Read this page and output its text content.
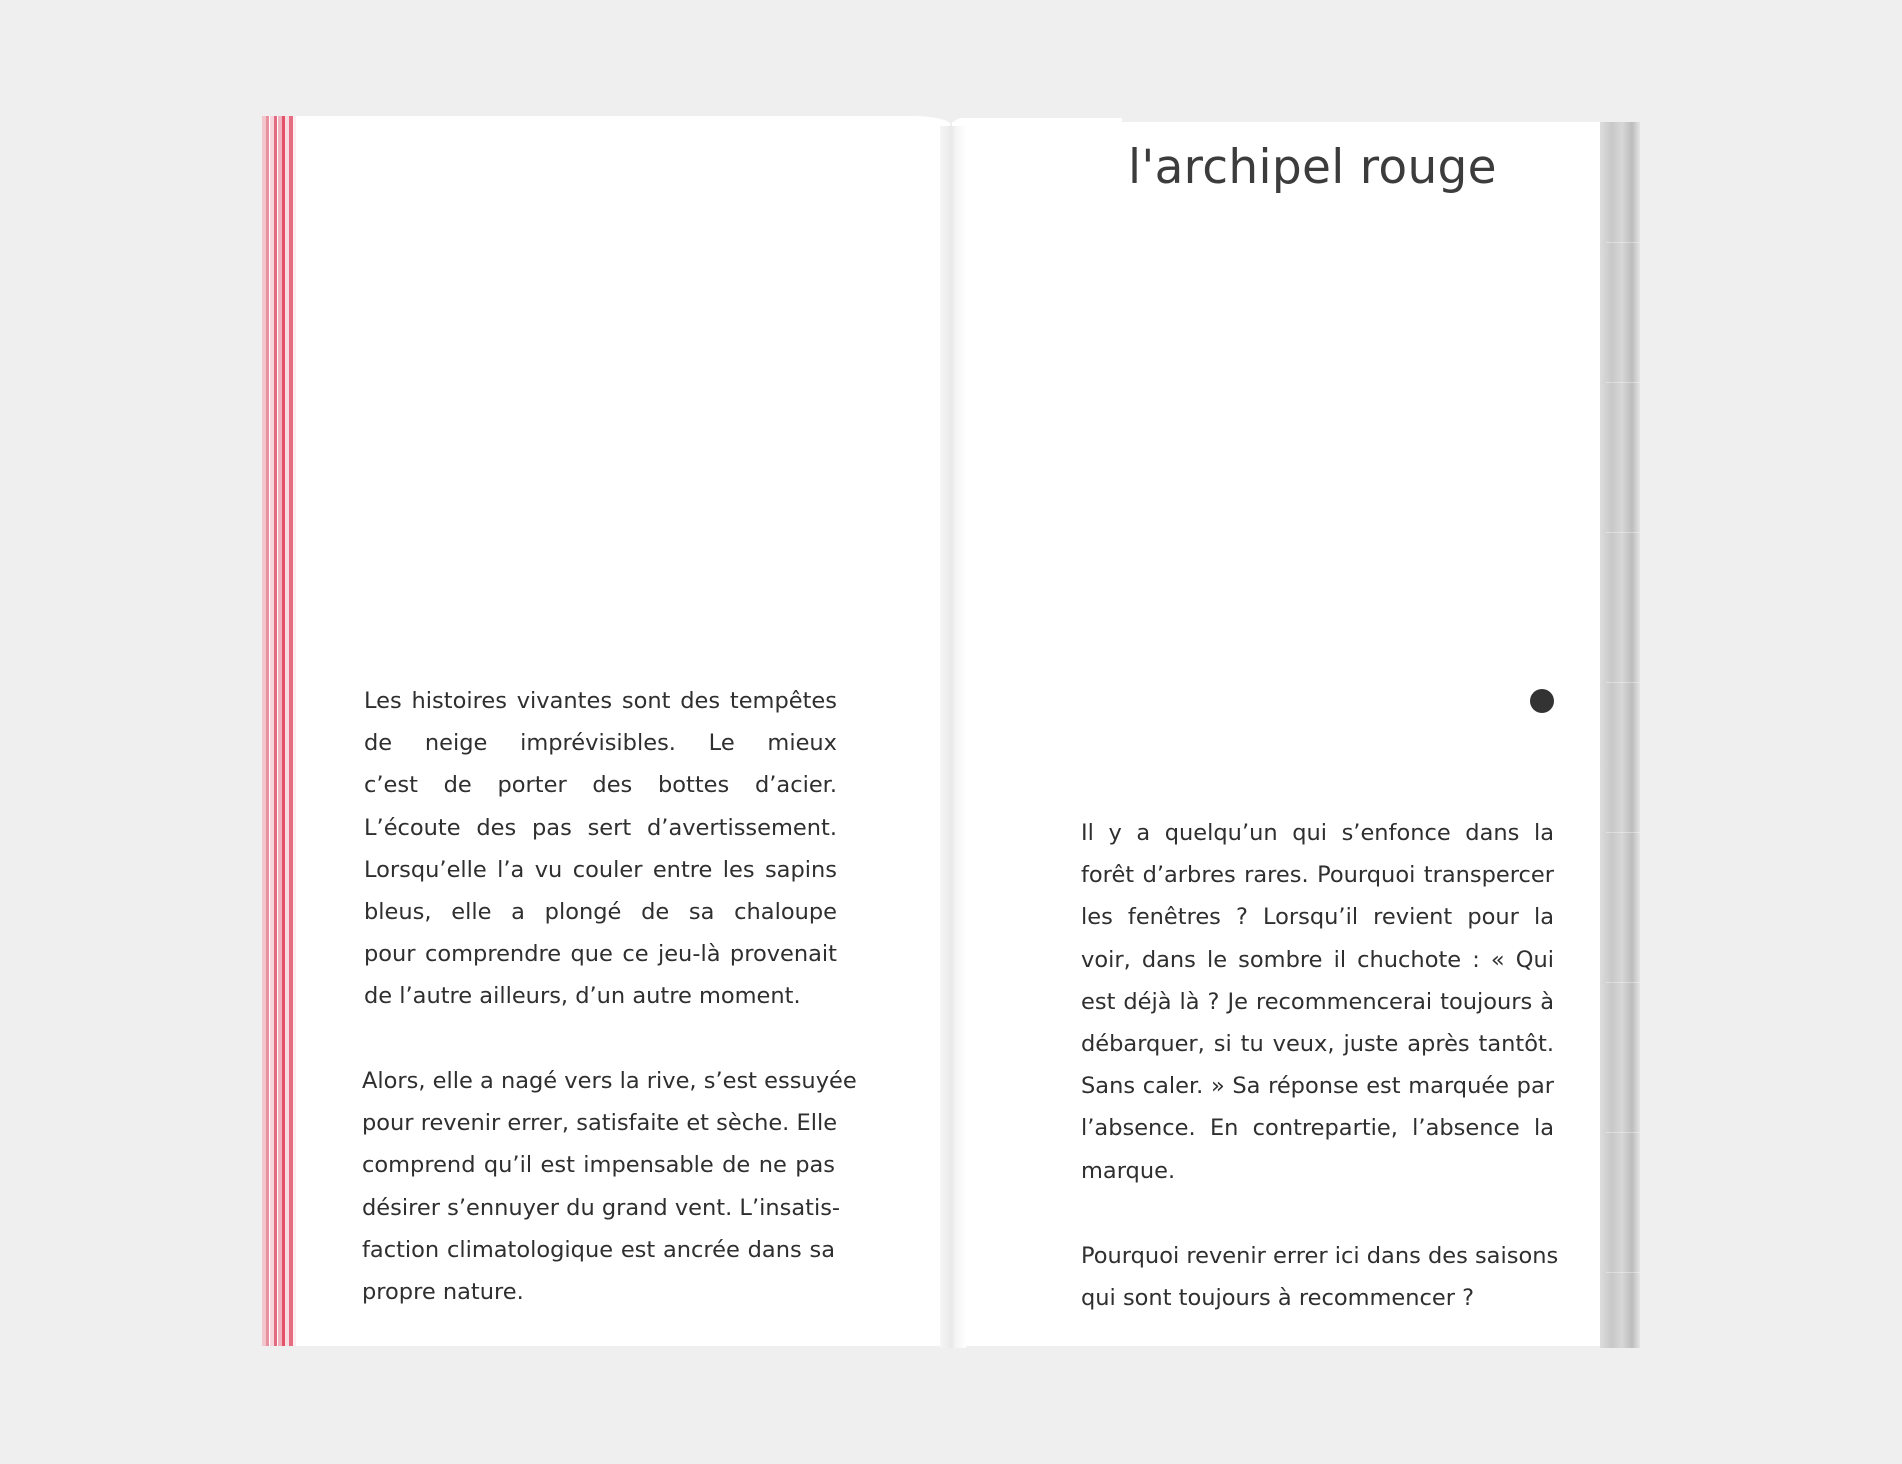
l'archipel rouge
Les histoires vivantes sont des tempêtes
de neige imprévisibles. Le mieux
c’est de porter des bottes d’acier.
L’écoute des pas sert d’avertissement.
Lorsqu’elle l’a vu couler entre les sapins
bleus, elle a plongé de sa chaloupe
pour comprendre que ce jeu-là provenait
de l’autre ailleurs, d’un autre moment.
Alors, elle a nagé vers la rive, s’est essuyée
pour revenir errer, satisfaite et sèche. Elle
comprend qu’il est impensable de ne pas
désirer s’ennuyer du grand vent. L’insatis-
faction climatologique est ancrée dans sa
propre nature.
Il y a quelqu’un qui s’enfonce dans la
forêt d’arbres rares. Pourquoi transpercer
les fenêtres ? Lorsqu’il revient pour la
voir, dans le sombre il chuchote : « Qui
est déjà là ? Je recommencerai toujours à
débarquer, si tu veux, juste après tantôt.
Sans caler. » Sa réponse est marquée par
l’absence. En contrepartie, l’absence la
marque.
Pourquoi revenir errer ici dans des saisons
qui sont toujours à recommencer ?
